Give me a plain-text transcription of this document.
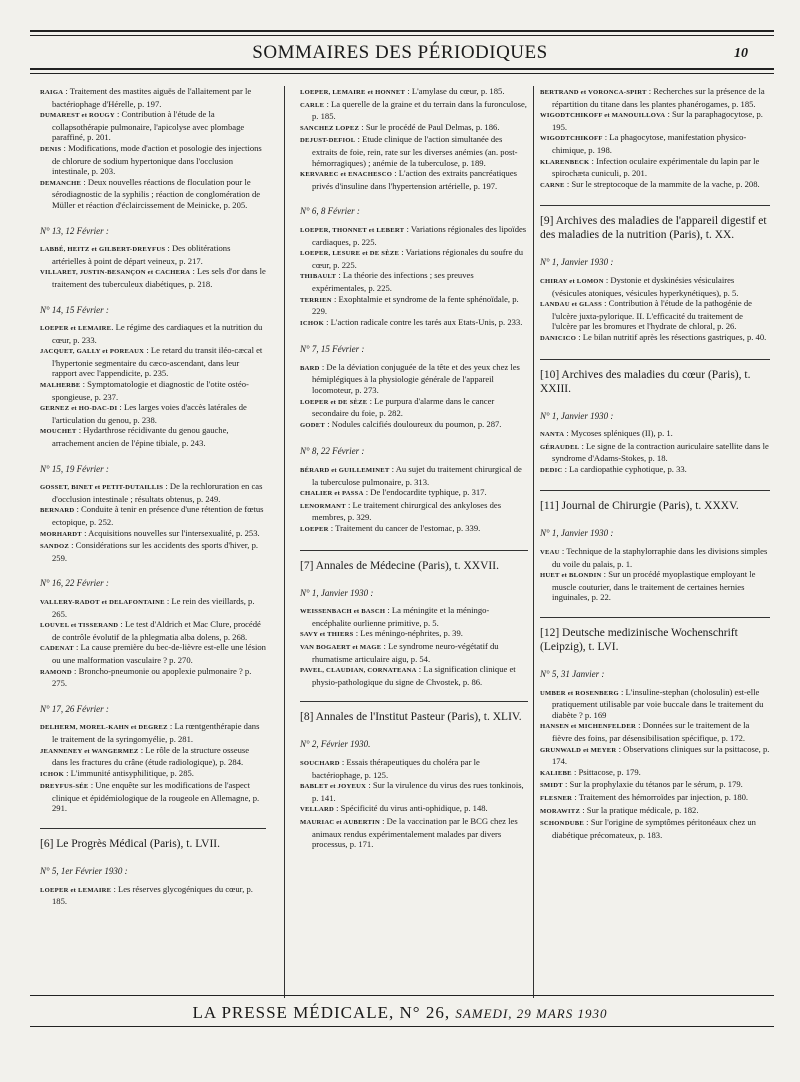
SOMMAIRES DES PÉRIODIQUES	10

RAIGA : Traitement des mastites aiguës de l'allaitement par le bactériophage d'Hérelle, p. 197.

DUMAREST et ROUGY : Contribution à l'étude de la collapsothérapie pulmonaire, l'apicolyse avec plombage paraffiné, p. 201.

DENIS : Modifications, mode d'action et posologie des injections de chlorure de sodium hypertonique dans l'occlusion intestinale, p. 203.

DEMANCHE : Deux nouvelles réactions de floculation pour le sérodiagnostic de la syphilis ; réaction de conglomération de Müller et réaction d'éclaircissement de Meinicke, p. 205.

N° 13, 12 Février :

LABBÉ, HEITZ et GILBERT-DREYFUS : Des oblitérations artérielles à point de départ veineux, p. 217.

VILLARET, JUSTIN-BESANÇON et CACHERA : Les sels d'or dans le traitement des tuberculeux diabétiques, p. 218.

N° 14, 15 Février :

LOEPER et LEMAIRE. Le régime des cardiaques et la nutrition du cœur, p. 233.

JACQUET, GALLY et POREAUX : Le retard du transit iléo-cæcal et l'hypertonie segmentaire du cæco-ascendant, dans leur rapport avec l'appendicite, p. 235.

MALHERBE : Symptomatologie et diagnostic de l'otite ostéo-spongieuse, p. 237.

GERNEZ et HO-DAC-DI : Les larges voies d'accès latérales de l'articulation du genou, p. 238.

MOUCHET : Hydarthrose récidivante du genou gauche, arrachement ancien de l'épine tibiale, p. 243.

N° 15, 19 Février :

GOSSET, BINET et PETIT-DUTAILLIS : De la rechloruration en cas d'occlusion intestinale ; résultats obtenus, p. 249.

BERNARD : Conduite à tenir en présence d'une rétention de fœtus ectopique, p. 252.

MORHARDT : Acquisitions nouvelles sur l'intersexualité, p. 253.

SANDOZ : Considérations sur les accidents des sports d'hiver, p. 259.

N° 16, 22 Février :

VALLERY-RADOT et DELAFONTAINE : Le rein des vieillards, p. 265.

LOUVEL et TISSERAND : Le test d'Aldrich et Mac Clure, procédé de contrôle évolutif de la phlegmatia alba dolens, p. 268.

CADENAT : La cause première du bec-de-lièvre est-elle une lésion ou une malformation vasculaire ? p. 270.

RAMOND : Broncho-pneumonie ou apoplexie pulmonaire ? p. 275.

N° 17, 26 Février :

DELHERM, MOREL-KAHN et DEGREZ : La rœntgenthérapie dans le traitement de la syringomyélie, p. 281.

JEANNENEY et WANGERMEZ : Le rôle de la structure osseuse dans les fractures du crâne (étude radiologique), p. 284.

ICHOK : L'immunité antisyphilitique, p. 285.

DREYFUS-SÉE : Une enquête sur les modifications de l'aspect clinique et épidémiologique de la rougeole en Allemagne, p. 291.

[6] Le Progrès Médical (Paris), t. LVII.
N° 5, 1er Février 1930 :

LOEPER et LEMAIRE : Les réserves glycogéniques du cœur, p. 185.

LOEPER, LEMAIRE et HONNET : L'amylase du cœur, p. 185.

CARLE : La querelle de la graine et du terrain dans la furonculose, p. 185.

SANCHEZ LOPEZ : Sur le procédé de Paul Delmas, p. 186.

DEJUST-DEFIOL : Etude clinique de l'action simultanée des extraits de foie, rein, rate sur les diverses anémies (an. post-hémorragiques) ; anémie de la tuberculose, p. 189.

KERVAREC et ENACHESCO : L'action des extraits pancréatiques privés d'insuline dans l'hypertension artérielle, p. 197.

N° 6, 8 Février :

LOEPER, THONNET et LEBERT : Variations régionales des lipoïdes cardiaques, p. 225.

LOEPER, LESURE et DE SÈZE : Variations régionales du soufre du cœur, p. 225.

THIBAULT : La théorie des infections ; ses preuves expérimentales, p. 225.

TERRIEN : Exophtalmie et syndrome de la fente sphénoïdale, p. 229.

ICHOK : L'action radicale contre les tarés aux Etats-Unis, p. 233.

N° 7, 15 Février :

BARD : De la déviation conjuguée de la tête et des yeux chez les hémiplégiques à la physiologie générale de l'appareil locomoteur, p. 273.

LOEPER et DE SÈZE : Le purpura d'alarme dans le cancer secondaire du foie, p. 282.

GODET : Nodules calcifiés douloureux du poumon, p. 287.

N° 8, 22 Février :

BÉRARD et GUILLEMINET : Au sujet du traitement chirurgical de la tuberculose pulmonaire, p. 313.

CHALIER et PASSA : De l'endocardite typhique, p. 317.

LENORMANT : Le traitement chirurgical des ankyloses des membres, p. 329.

LOEPER : Traitement du cancer de l'estomac, p. 339.

[7] Annales de Médecine (Paris), t. XXVII.
N° 1, Janvier 1930 :

WEISSENBACH et BASCH : La méningite et la méningo-encéphalite ourlienne primitive, p. 5.

SAVY et THIERS : Les méningo-néphrites, p. 39.

VAN BOGAERT et MAGE : Le syndrome neuro-végétatif du rhumatisme articulaire aigu, p. 54.

PAVEL, CLAUDIAN, CORNATEANA : La signification clinique et physio-pathologique du signe de Chvostek, p. 86.

[8] Annales de l'Institut Pasteur (Paris), t. XLIV.
N° 2, Février 1930.

SOUCHARD : Essais thérapeutiques du choléra par le bactériophage, p. 125.

BABLET et JOYEUX : Sur la virulence du virus des rues tonkinois, p. 141.

VELLARD : Spécificité du virus anti-ophidique, p. 148.

MAURIAC et AUBERTIN : De la vaccination par le BCG chez les animaux rendus expérimentalement malades par divers processus, p. 171.

BERTRAND et VORONCA-SPIRT : Recherches sur la présence de la répartition du titane dans les plantes phanérogames, p. 185.

WIGODTCHIKOFF et MANOUILLOVA : Sur la paraphagocytose, p. 195.

WIGODTCHIKOFF : La phagocytose, manifestation physico-chimique, p. 198.

KLARENBECK : Infection oculaire expérimentale du lapin par le spirochæta cuniculi, p. 201.

CARNE : Sur le streptocoque de la mammite de la vache, p. 208.

[9] Archives des maladies de l'appareil digestif et des maladies de la nutrition (Paris), t. XX.
N° 1, Janvier 1930 :

CHIRAY et LOMON : Dystonie et dyskinésies vésiculaires (vésicules atoniques, vésicules hyperkynétiques), p. 5.

LANDAU et GLASS : Contribution à l'étude de la pathogénie de l'ulcère juxta-pylorique. II. L'efficacité du traitement de l'ulcère par les bromures et l'hydrate de chloral, p. 26.

DANICICO : Le bilan nutritif après les résections gastriques, p. 40.

[10] Archives des maladies du cœur (Paris), t. XXIII.
N° 1, Janvier 1930 :

NANTA : Mycoses spléniques (II), p. 1.

GÉRAUDEL : Le signe de la contraction auriculaire satellite dans le syndrome d'Adams-Stokes, p. 18.

DEDIC : La cardiopathie cyphotique, p. 33.

[11] Journal de Chirurgie (Paris), t. XXXV.
N° 1, Janvier 1930 :

VEAU : Technique de la staphylorraphie dans les divisions simples du voile du palais, p. 1.

HUET et BLONDIN : Sur un procédé myoplastique employant le muscle couturier, dans le traitement de certaines hernies inguinales, p. 22.

[12] Deutsche medizinische Wochenschrift (Leipzig), t. LVI.
N° 5, 31 Janvier :

UMBER et ROSENBERG : L'insuline-stephan (cholosulin) est-elle pratiquement utilisable par voie buccale dans le traitement du diabète ? p. 169

HANSEN et MICHENFELDER : Données sur le traitement de la fièvre des foins, par désensibilisation spécifique, p. 172.

GRUNWALD et MEYER : Observations cliniques sur la psittacose, p. 174.

KALIEBE : Psittacose, p. 179.

SMIDT : Sur la prophylaxie du tétanos par le sérum, p. 179.

FLESNER : Traitement des hémorroïdes par injection, p. 180.

MORAWITZ : Sur la pratique médicale, p. 182.

SCHONDUBE : Sur l'origine de symptômes péritonéaux chez un diabétique précomateux, p. 183.

LA PRESSE MÉDICALE, N° 26, SAMEDI, 29 MARS 1930
